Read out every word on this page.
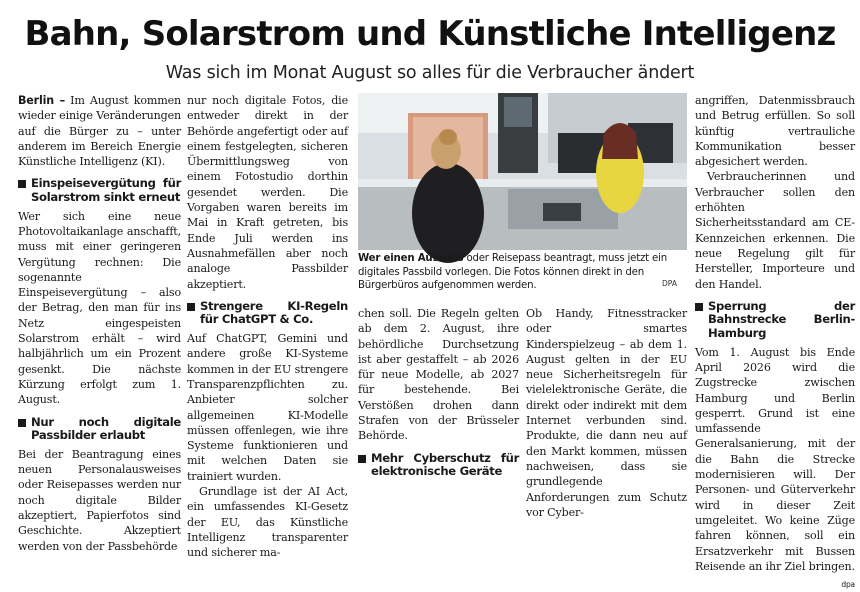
Bahn, Solarstrom und Künstliche Intelligenz
Was sich im Monat August so alles für die Verbraucher ändert

Berlin – Im August kommen wieder einige Veränderungen auf die Bürger zu – unter anderem im Bereich Energie Künstliche Intelligenz (KI).

Einspeisevergütung für Solarstrom sinkt erneut

Wer sich eine neue Photovoltaikanlage anschafft, muss mit einer geringeren Vergütung rechnen: Die sogenannte Einspeisevergütung – also der Betrag, den man für ins Netz eingespeisten Solarstrom erhält – wird halbjährlich um ein Prozent gesenkt. Die nächste Kürzung erfolgt zum 1. August.

Nur noch digitale Passbilder erlaubt

Bei der Beantragung eines neuen Personalausweises oder Reisepasses werden nur noch digitale Bilder akzeptiert, Papierfotos sind Geschichte. Akzeptiert werden von der Passbehörde

nur noch digitale Fotos, die entweder direkt in der Behörde angefertigt oder auf einem festgelegten, sicheren Übermittlungsweg von einem Fotostudio dorthin gesendet werden. Die Vorgaben waren bereits im Mai in Kraft getreten, bis Ende Juli werden ins Ausnahmefällen aber noch analoge Passbilder akzeptiert.

Strengere KI-Regeln für ChatGPT & Co.

Auf ChatGPT, Gemini und andere große KI-Systeme kommen in der EU strengere Transparenzpflichten zu. Anbieter solcher allgemeinen KI-Modelle müssen offenlegen, wie ihre Systeme funktionieren und mit welchen Daten sie trainiert wurden.

Grundlage ist der AI Act, ein umfassendes KI-Gesetz der EU, das Künstliche Intelligenz transparenter und sicherer ma-

Wer einen Ausweis oder Reisepass beantragt, muss jetzt ein digitales Passbild vorlegen. Die Fotos können direkt in den Bürgerbüros aufgenommen werden.	DPA

chen soll. Die Regeln gelten ab dem 2. August, ihre behördliche Durchsetzung ist aber gestaffelt – ab 2026 für neue Modelle, ab 2027 für bestehende. Bei Verstößen drohen dann Strafen von der Brüsseler Behörde.

Mehr Cyberschutz für elektronische Geräte

Ob Handy, Fitnesstracker oder smartes Kinderspielzeug – ab dem 1. August gelten in der EU neue Sicherheitsregeln für vielelektronische Geräte, die direkt oder indirekt mit dem Internet verbunden sind. Produkte, die dann neu auf den Markt kommen, müssen nachweisen, dass sie grundlegende Anforderungen zum Schutz vor Cyber-

angriffen, Datenmissbrauch und Betrug erfüllen. So soll künftig vertrauliche Kommunikation besser abgesichert werden.

Verbraucherinnen und Verbraucher sollen den erhöhten Sicherheitsstandard am CE-Kennzeichen erkennen. Die neue Regelung gilt für Hersteller, Importeure und den Handel.

Sperrung der Bahnstrecke Berlin-Hamburg

Vom 1. August bis Ende April 2026 wird die Zugstrecke zwischen Hamburg und Berlin gesperrt. Grund ist eine umfassende Generalsanierung, mit der die Bahn die Strecke modernisieren will. Der Personen- und Güterverkehr wird in dieser Zeit umgeleitet. Wo keine Züge fahren können, soll ein Ersatzverkehr mit Bussen Reisende an ihr Ziel bringen.
dpa
